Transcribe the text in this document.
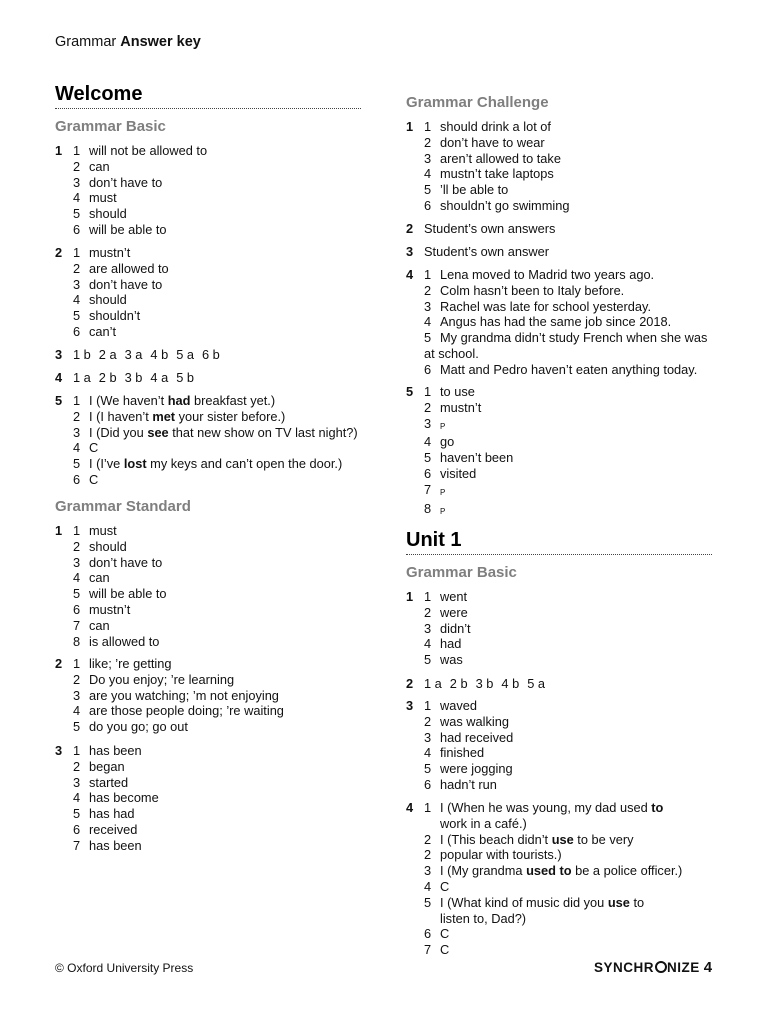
Grammar Answer key
Welcome
Grammar Basic
1 1 will not be allowed to
2 can
3 don’t have to
4 must
5 should
6 will be able to
2 1 mustn’t
2 are allowed to
3 don’t have to
4 should
5 shouldn’t
6 can’t
3 1 b 2 a 3 a 4 b 5 a 6 b
4 1 a 2 b 3 b 4 a 5 b
5 1 I (We haven’t had breakfast yet.)
2 I (I haven’t met your sister before.)
3 I (Did you see that new show on TV last night?)
4 C
5 I (I’ve lost my keys and can’t open the door.)
6 C
Grammar Standard
1 1 must
2 should
3 don’t have to
4 can
5 will be able to
6 mustn’t
7 can
8 is allowed to
2 1 like; ’re getting
2 Do you enjoy; ’re learning
3 are you watching; ’m not enjoying
4 are those people doing; ’re waiting
5 do you go; go out
3 1 has been
2 began
3 started
4 has become
5 has had
6 received
7 has been
Grammar Challenge
1 1 should drink a lot of
2 don’t have to wear
3 aren’t allowed to take
4 mustn’t take laptops
5 ’ll be able to
6 shouldn’t go swimming
2 Student’s own answers
3 Student’s own answer
4 1 Lena moved to Madrid two years ago.
2 Colm hasn’t been to Italy before.
3 Rachel was late for school yesterday.
4 Angus has had the same job since 2018.
5 My grandma didn’t study French when she was
at school.
6 Matt and Pedro haven’t eaten anything today.
5 1 to use
2 mustn’t
3	P
4 go
5 haven’t been
6 visited
7	P
8	P
Unit 1
Grammar Basic
1 1 went
2 were
3 didn’t
4 had
5 was
2 1 a 2 b 3 b 4 b 5 a
3 1 waved
2 was walking
3 had received
4 finished
5 were jogging
6 hadn’t run
4 1 I (When he was young, my dad used to
work in a café.)
2 I (This beach didn’t use to be very
2 popular with tourists.)
3 I (My grandma used to be a police officer.)
4 C
5 I (What kind of music did you use to
listen to, Dad?)
6 C
7 C
© Oxford University Press	SYNCHR NIZE 4
